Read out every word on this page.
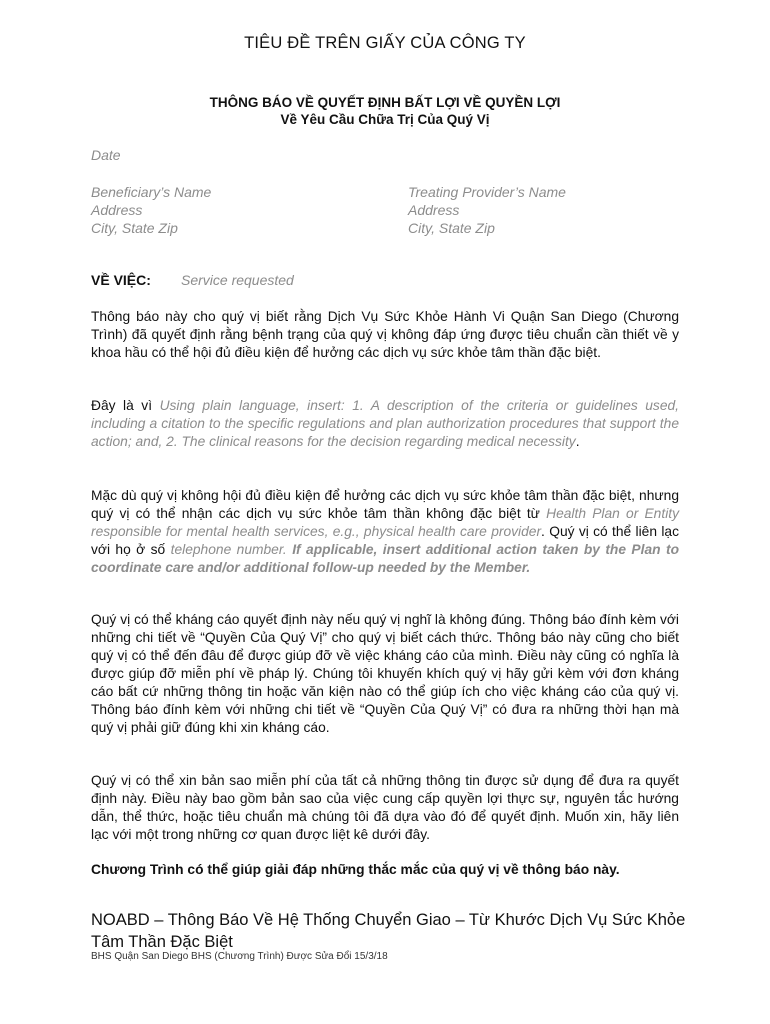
TIÊU ĐỀ TRÊN GIẤY CỦA CÔNG TY
THÔNG BÁO VỀ QUYẾT ĐỊNH BẤT LỢI VỀ QUYỀN LỢI
Về Yêu Cầu Chữa Trị Của Quý Vị
Date
Beneficiary’s Name
Address
City, State Zip
Treating Provider’s Name
Address
City, State Zip
VỀ VIỆC: Service requested
Thông báo này cho quý vị biết rằng Dịch Vụ Sức Khỏe Hành Vi Quận San Diego (Chương Trình) đã quyết định rằng bệnh trạng của quý vị không đáp ứng được tiêu chuẩn cần thiết về y khoa hầu có thể hội đủ điều kiện để hưởng các dịch vụ sức khỏe tâm thần đặc biệt.
Đây là vì Using plain language, insert: 1. A description of the criteria or guidelines used, including a citation to the specific regulations and plan authorization procedures that support the action; and, 2. The clinical reasons for the decision regarding medical necessity.
Mặc dù quý vị không hội đủ điều kiện để hưởng các dịch vụ sức khỏe tâm thần đặc biệt, nhưng quý vị có thể nhận các dịch vụ sức khỏe tâm thần không đặc biệt từ Health Plan or Entity responsible for mental health services, e.g., physical health care provider. Quý vị có thể liên lạc với họ ở số telephone number. If applicable, insert additional action taken by the Plan to coordinate care and/or additional follow-up needed by the Member.
Quý vị có thể kháng cáo quyết định này nếu quý vị nghĩ là không đúng. Thông báo đính kèm với những chi tiết về “Quyền Của Quý Vị” cho quý vị biết cách thức. Thông báo này cũng cho biết quý vị có thể đến đâu để được giúp đỡ về việc kháng cáo của mình. Điều này cũng có nghĩa là được giúp đỡ miễn phí về pháp lý. Chúng tôi khuyến khích quý vị hãy gửi kèm với đơn kháng cáo bất cứ những thông tin hoặc văn kiện nào có thể giúp ích cho việc kháng cáo của quý vị. Thông báo đính kèm với những chi tiết về “Quyền Của Quý Vị” có đưa ra những thời hạn mà quý vị phải giữ đúng khi xin kháng cáo.
Quý vị có thể xin bản sao miễn phí của tất cả những thông tin được sử dụng để đưa ra quyết định này. Điều này bao gồm bản sao của việc cung cấp quyền lợi thực sự, nguyên tắc hướng dẫn, thể thức, hoặc tiêu chuẩn mà chúng tôi đã dựa vào đó để quyết định. Muốn xin, hãy liên lạc với một trong những cơ quan được liệt kê dưới đây.
Chương Trình có thể giúp giải đáp những thắc mắc của quý vị về thông báo này.
NOABD – Thông Báo Về Hệ Thống Chuyển Giao – Từ Khước Dịch Vụ Sức Khỏe Tâm Thần Đặc Biệt
BHS Quận San Diego BHS (Chương Trình) Được Sửa Đổi 15/3/18
